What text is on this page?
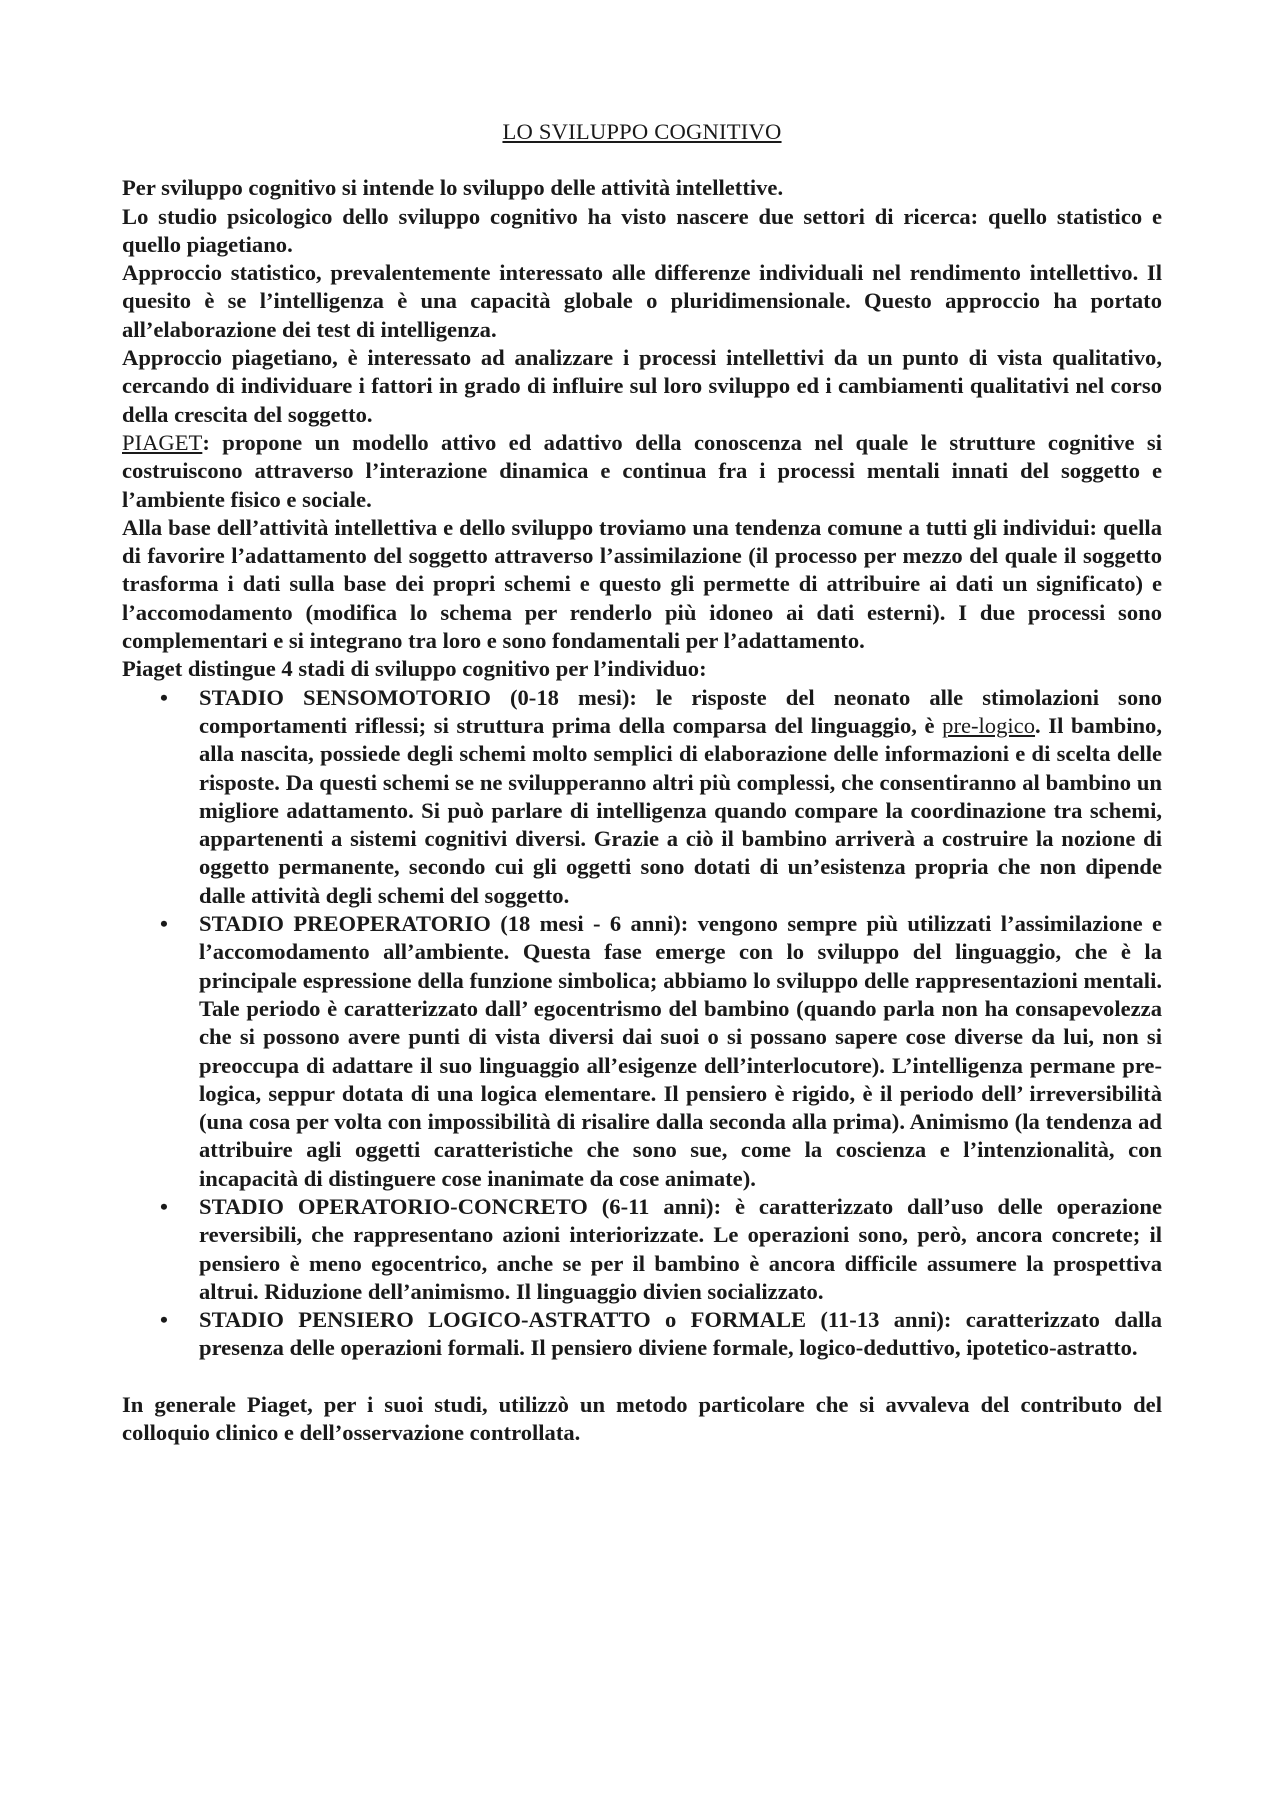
LO SVILUPPO COGNITIVO

Per sviluppo cognitivo si intende lo sviluppo delle attività intellettive.

Lo studio psicologico dello sviluppo cognitivo ha visto nascere due settori di ricerca: quello statistico e quello piagetiano.

Approccio statistico, prevalentemente interessato alle differenze individuali nel rendimento intellettivo. Il quesito è se l’intelligenza è una capacità globale o pluridimensionale. Questo approccio ha portato all’elaborazione dei test di intelligenza.

Approccio piagetiano, è interessato ad analizzare i processi intellettivi da un punto di vista qualitativo, cercando di individuare i fattori in grado di influire sul loro sviluppo ed i cambiamenti qualitativi nel corso della crescita del soggetto.

PIAGET: propone un modello attivo ed adattivo della conoscenza nel quale le strutture cognitive si costruiscono attraverso l’interazione dinamica e continua fra i processi mentali innati del soggetto e l’ambiente fisico e sociale.

Alla base dell’attività intellettiva e dello sviluppo troviamo una tendenza comune a tutti gli individui: quella di favorire l’adattamento del soggetto attraverso l’assimilazione (il processo per mezzo del quale il soggetto trasforma i dati sulla base dei propri schemi e questo gli permette di attribuire ai dati un significato) e l’accomodamento (modifica lo schema per renderlo più idoneo ai dati esterni). I due processi sono complementari e si integrano tra loro e sono fondamentali per l’adattamento.

Piaget distingue 4 stadi di sviluppo cognitivo per l’individuo:

• STADIO SENSOMOTORIO (0-18 mesi): le risposte del neonato alle stimolazioni sono comportamenti riflessi; si struttura prima della comparsa del linguaggio, è pre-logico. Il bambino, alla nascita, possiede degli schemi molto semplici di elaborazione delle informazioni e di scelta delle risposte. Da questi schemi se ne svilupperanno altri più complessi, che consentiranno al bambino un migliore adattamento. Si può parlare di intelligenza quando compare la coordinazione tra schemi, appartenenti a sistemi cognitivi diversi. Grazie a ciò il bambino arriverà a costruire la nozione di oggetto permanente, secondo cui gli oggetti sono dotati di un’esistenza propria che non dipende dalle attività degli schemi del soggetto.
• STADIO PREOPERATORIO (18 mesi - 6 anni): vengono sempre più utilizzati l’assimilazione e l’accomodamento all’ambiente. Questa fase emerge con lo sviluppo del linguaggio, che è la principale espressione della funzione simbolica; abbiamo lo sviluppo delle rappresentazioni mentali. Tale periodo è caratterizzato dall’ egocentrismo del bambino (quando parla non ha consapevolezza che si possono avere punti di vista diversi dai suoi o si possano sapere cose diverse da lui, non si preoccupa di adattare il suo linguaggio all’esigenze dell’interlocutore). L’intelligenza permane pre-logica, seppur dotata di una logica elementare. Il pensiero è rigido, è il periodo dell’ irreversibilità (una cosa per volta con impossibilità di risalire dalla seconda alla prima). Animismo (la tendenza ad attribuire agli oggetti caratteristiche che sono sue, come la coscienza e l’intenzionalità, con incapacità di distinguere cose inanimate da cose animate).
• STADIO OPERATORIO-CONCRETO (6-11 anni): è caratterizzato dall’uso delle operazione reversibili, che rappresentano azioni interiorizzate. Le operazioni sono, però, ancora concrete; il pensiero è meno egocentrico, anche se per il bambino è ancora difficile assumere la prospettiva altrui. Riduzione dell’animismo. Il linguaggio divien socializzato.
• STADIO PENSIERO LOGICO-ASTRATTO o FORMALE (11-13 anni): caratterizzato dalla presenza delle operazioni formali. Il pensiero diviene formale, logico-deduttivo, ipotetico-astratto.

In generale Piaget, per i suoi studi, utilizzò un metodo particolare che si avvaleva del contributo del colloquio clinico e dell’osservazione controllata.
